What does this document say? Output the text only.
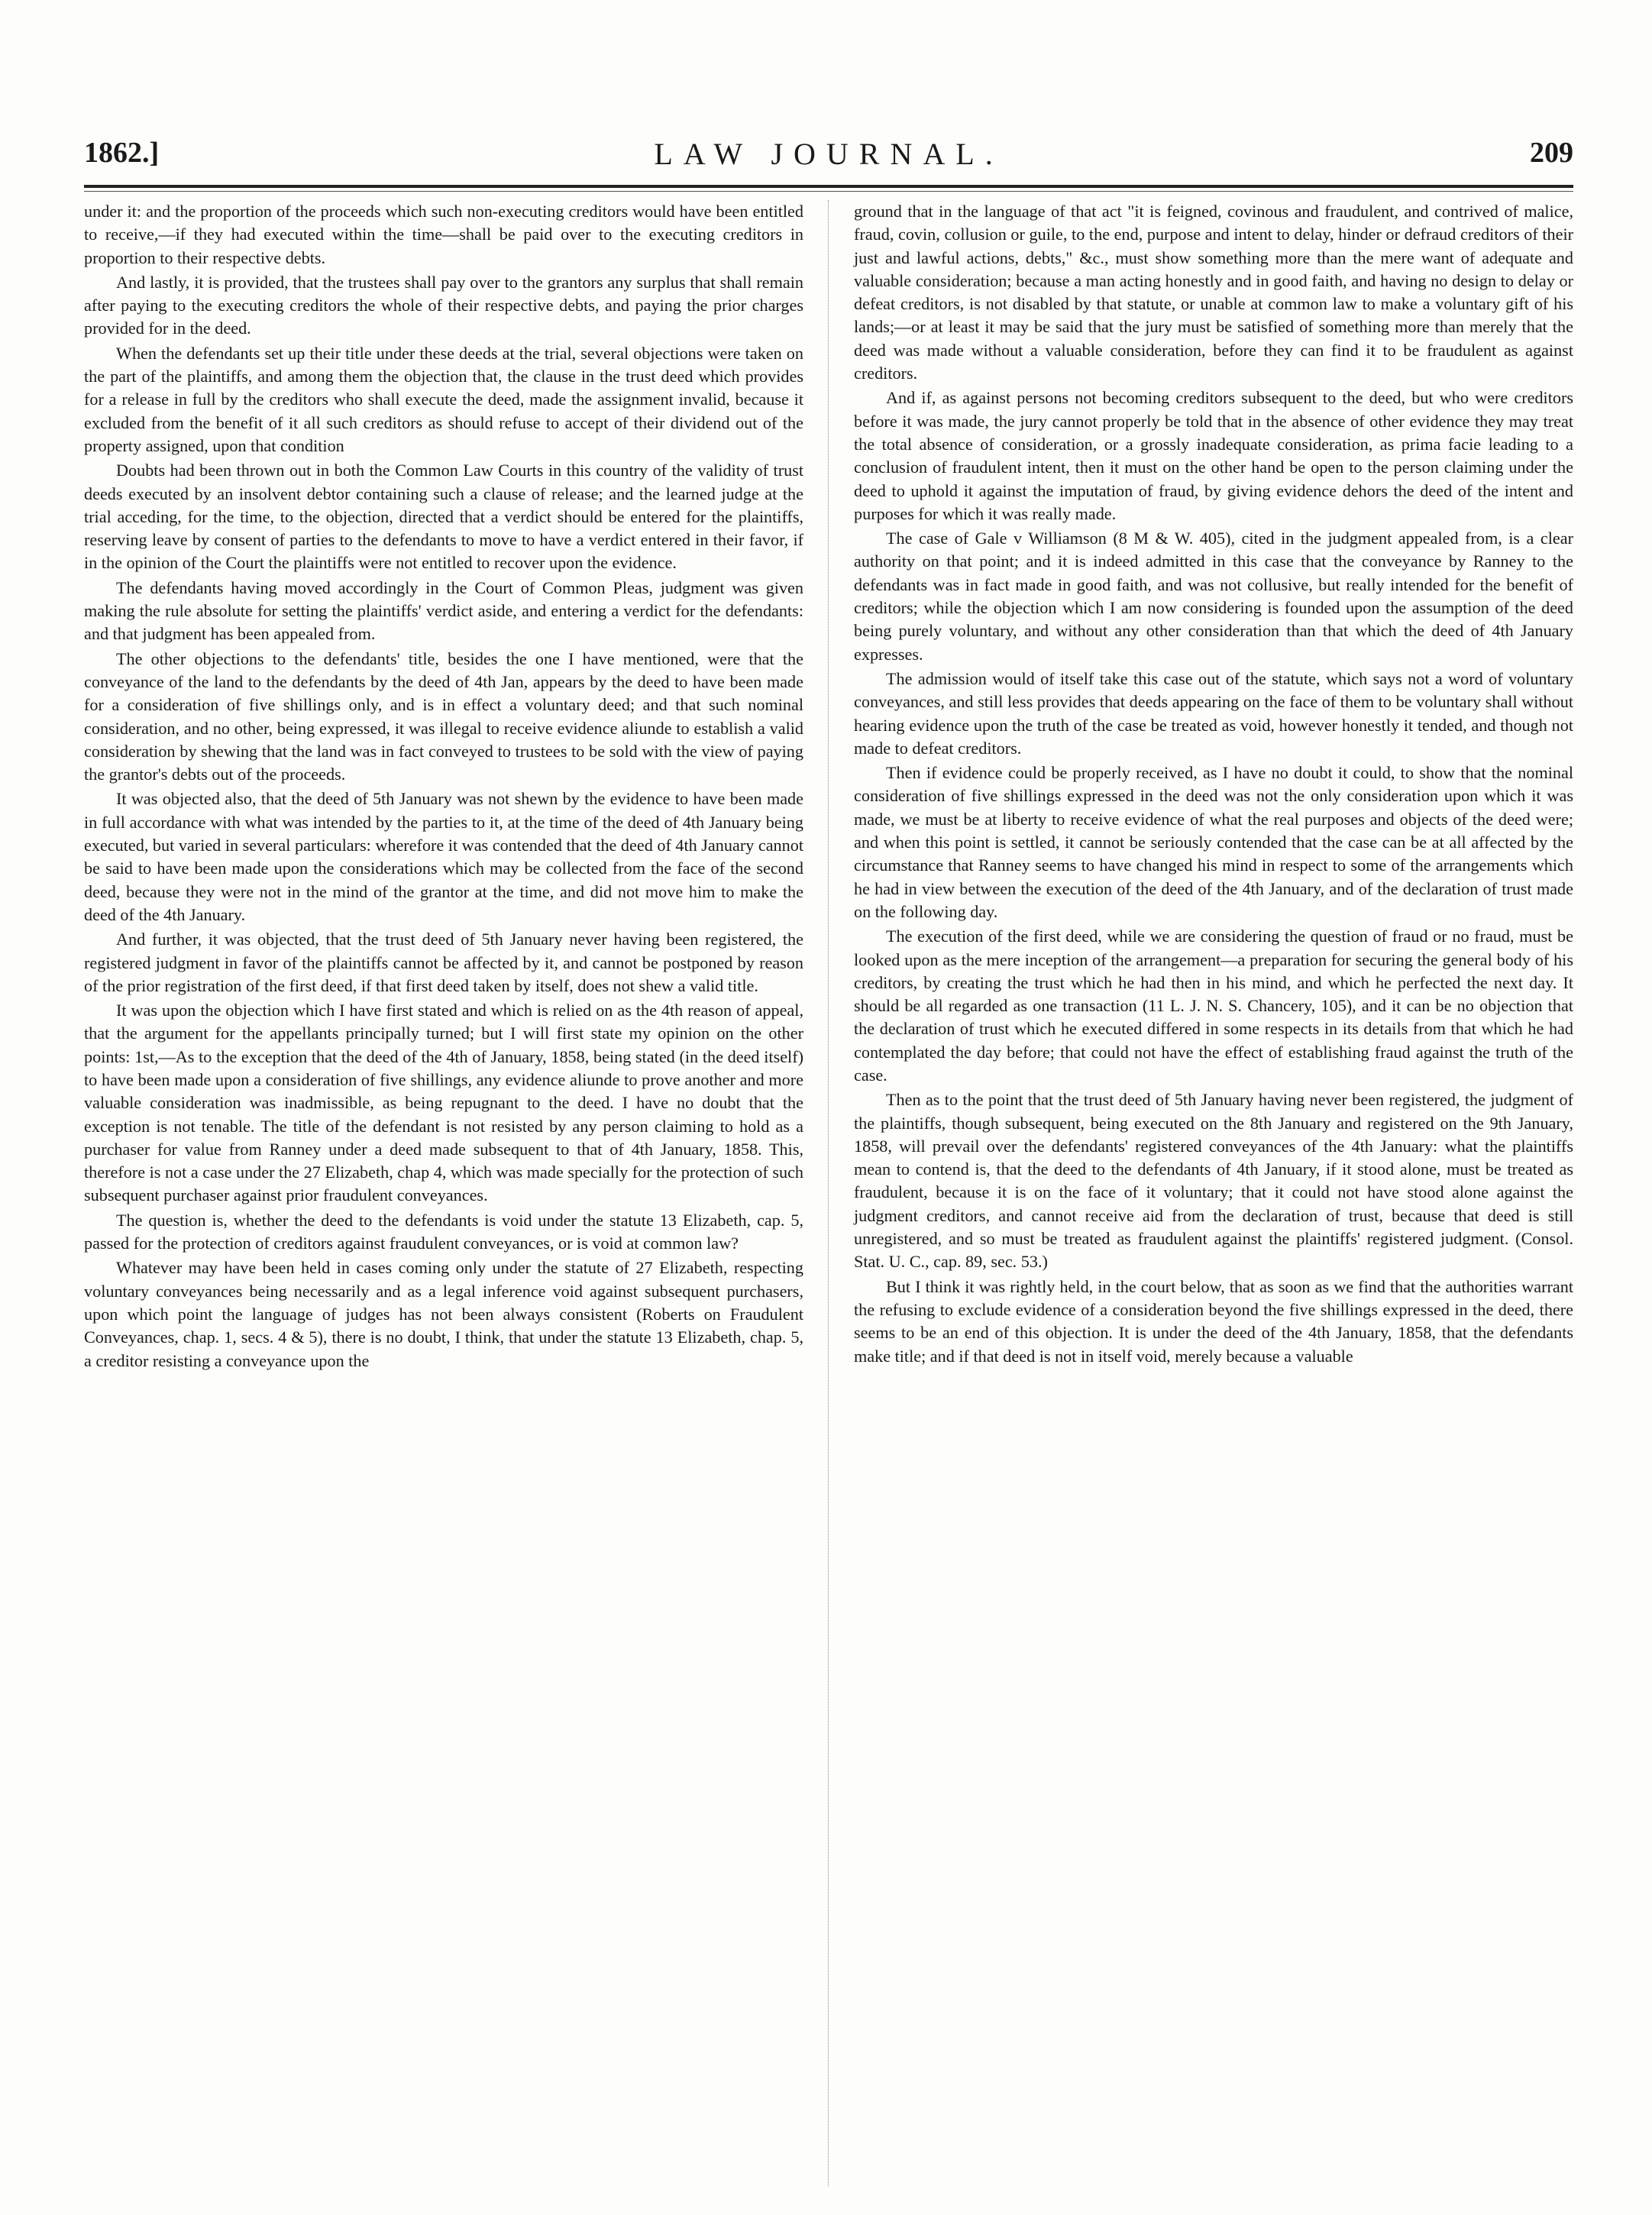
1862.]	LAW JOURNAL.	209

under it: and the proportion of the proceeds which such non-executing creditors would have been entitled to receive,—if they had executed within the time—shall be paid over to the executing creditors in proportion to their respective debts.

And lastly, it is provided, that the trustees shall pay over to the grantors any surplus that shall remain after paying to the executing creditors the whole of their respective debts, and paying the prior charges provided for in the deed.

When the defendants set up their title under these deeds at the trial, several objections were taken on the part of the plaintiffs, and among them the objection that, the clause in the trust deed which provides for a release in full by the creditors who shall execute the deed, made the assignment invalid, because it excluded from the benefit of it all such creditors as should refuse to accept of their dividend out of the property assigned, upon that condition

Doubts had been thrown out in both the Common Law Courts in this country of the validity of trust deeds executed by an insolvent debtor containing such a clause of release; and the learned judge at the trial acceding, for the time, to the objection, directed that a verdict should be entered for the plaintiffs, reserving leave by consent of parties to the defendants to move to have a verdict entered in their favor, if in the opinion of the Court the plaintiffs were not entitled to recover upon the evidence.

The defendants having moved accordingly in the Court of Common Pleas, judgment was given making the rule absolute for setting the plaintiffs' verdict aside, and entering a verdict for the defendants: and that judgment has been appealed from.

The other objections to the defendants' title, besides the one I have mentioned, were that the conveyance of the land to the defendants by the deed of 4th Jan, appears by the deed to have been made for a consideration of five shillings only, and is in effect a voluntary deed; and that such nominal consideration, and no other, being expressed, it was illegal to receive evidence aliunde to establish a valid consideration by shewing that the land was in fact conveyed to trustees to be sold with the view of paying the grantor's debts out of the proceeds.

It was objected also, that the deed of 5th January was not shewn by the evidence to have been made in full accordance with what was intended by the parties to it, at the time of the deed of 4th January being executed, but varied in several particulars: wherefore it was contended that the deed of 4th January cannot be said to have been made upon the considerations which may be collected from the face of the second deed, because they were not in the mind of the grantor at the time, and did not move him to make the deed of the 4th January.

And further, it was objected, that the trust deed of 5th January never having been registered, the registered judgment in favor of the plaintiffs cannot be affected by it, and cannot be postponed by reason of the prior registration of the first deed, if that first deed taken by itself, does not shew a valid title.

It was upon the objection which I have first stated and which is relied on as the 4th reason of appeal, that the argument for the appellants principally turned; but I will first state my opinion on the other points: 1st,—As to the exception that the deed of the 4th of January, 1858, being stated (in the deed itself) to have been made upon a consideration of five shillings, any evidence aliunde to prove another and more valuable consideration was inadmissible, as being repugnant to the deed. I have no doubt that the exception is not tenable. The title of the defendant is not resisted by any person claiming to hold as a purchaser for value from Ranney under a deed made subsequent to that of 4th January, 1858. This, therefore is not a case under the 27 Elizabeth, chap 4, which was made specially for the protection of such subsequent purchaser against prior fraudulent conveyances.

The question is, whether the deed to the defendants is void under the statute 13 Elizabeth, cap. 5, passed for the protection of creditors against fraudulent conveyances, or is void at common law?

Whatever may have been held in cases coming only under the statute of 27 Elizabeth, respecting voluntary conveyances being necessarily and as a legal inference void against subsequent purchasers, upon which point the language of judges has not been always consistent (Roberts on Fraudulent Conveyances, chap. 1, secs. 4 & 5), there is no doubt, I think, that under the statute 13 Elizabeth, chap. 5, a creditor resisting a conveyance upon the

ground that in the language of that act "it is feigned, covinous and fraudulent, and contrived of malice, fraud, covin, collusion or guile, to the end, purpose and intent to delay, hinder or defraud creditors of their just and lawful actions, debts," &c., must show something more than the mere want of adequate and valuable consideration; because a man acting honestly and in good faith, and having no design to delay or defeat creditors, is not disabled by that statute, or unable at common law to make a voluntary gift of his lands;—or at least it may be said that the jury must be satisfied of something more than merely that the deed was made without a valuable consideration, before they can find it to be fraudulent as against creditors.

And if, as against persons not becoming creditors subsequent to the deed, but who were creditors before it was made, the jury cannot properly be told that in the absence of other evidence they may treat the total absence of consideration, or a grossly inadequate consideration, as prima facie leading to a conclusion of fraudulent intent, then it must on the other hand be open to the person claiming under the deed to uphold it against the imputation of fraud, by giving evidence dehors the deed of the intent and purposes for which it was really made.

The case of Gale v Williamson (8 M & W. 405), cited in the judgment appealed from, is a clear authority on that point; and it is indeed admitted in this case that the conveyance by Ranney to the defendants was in fact made in good faith, and was not collusive, but really intended for the benefit of creditors; while the objection which I am now considering is founded upon the assumption of the deed being purely voluntary, and without any other consideration than that which the deed of 4th January expresses.

The admission would of itself take this case out of the statute, which says not a word of voluntary conveyances, and still less provides that deeds appearing on the face of them to be voluntary shall without hearing evidence upon the truth of the case be treated as void, however honestly it tended, and though not made to defeat creditors.

Then if evidence could be properly received, as I have no doubt it could, to show that the nominal consideration of five shillings expressed in the deed was not the only consideration upon which it was made, we must be at liberty to receive evidence of what the real purposes and objects of the deed were; and when this point is settled, it cannot be seriously contended that the case can be at all affected by the circumstance that Ranney seems to have changed his mind in respect to some of the arrangements which he had in view between the execution of the deed of the 4th January, and of the declaration of trust made on the following day.

The execution of the first deed, while we are considering the question of fraud or no fraud, must be looked upon as the mere inception of the arrangement—a preparation for securing the general body of his creditors, by creating the trust which he had then in his mind, and which he perfected the next day. It should be all regarded as one transaction (11 L. J. N. S. Chancery, 105), and it can be no objection that the declaration of trust which he executed differed in some respects in its details from that which he had contemplated the day before; that could not have the effect of establishing fraud against the truth of the case.

Then as to the point that the trust deed of 5th January having never been registered, the judgment of the plaintiffs, though subsequent, being executed on the 8th January and registered on the 9th January, 1858, will prevail over the defendants' registered conveyances of the 4th January: what the plaintiffs mean to contend is, that the deed to the defendants of 4th January, if it stood alone, must be treated as fraudulent, because it is on the face of it voluntary; that it could not have stood alone against the judgment creditors, and cannot receive aid from the declaration of trust, because that deed is still unregistered, and so must be treated as fraudulent against the plaintiffs' registered judgment. (Consol. Stat. U. C., cap. 89, sec. 53.)

But I think it was rightly held, in the court below, that as soon as we find that the authorities warrant the refusing to exclude evidence of a consideration beyond the five shillings expressed in the deed, there seems to be an end of this objection. It is under the deed of the 4th January, 1858, that the defendants make title; and if that deed is not in itself void, merely because a valuable
